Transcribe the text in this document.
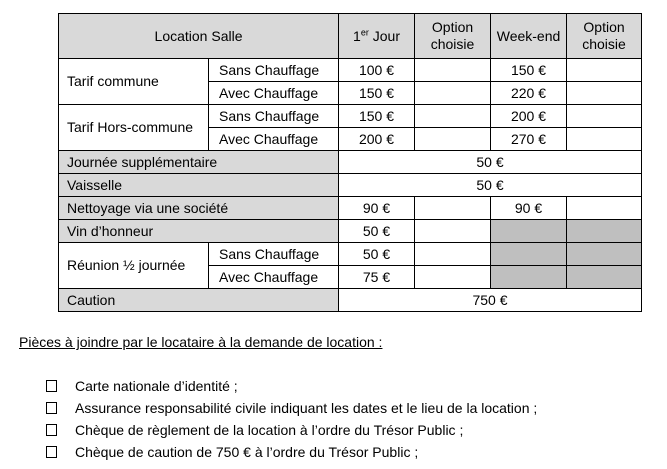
Location Salle		1er Jour	Option choisie	Week-end	Option choisie
Tarif commune	Sans Chauffage	100 €		150 €	
	Avec Chauffage	150 €		220 €	
Tarif Hors-commune	Sans Chauffage	150 €		200 €	
	Avec Chauffage	200 €		270 €	
Journée supplémentaire		50 €			
Vaisselle		50 €			
Nettoyage via une société		90 €		90 €	
Vin d’honneur		50 €			
Réunion ½ journée	Sans Chauffage	50 €			
	Avec Chauffage	75 €			
Caution		750 €			
Pièces à joindre par le locataire à la demande de location :
Carte nationale d’identité ;
Assurance responsabilité civile indiquant les dates et le lieu de la location ;
Chèque de règlement de la location à l’ordre du Trésor Public ;
Chèque de caution de 750 € à l’ordre du Trésor Public ;
